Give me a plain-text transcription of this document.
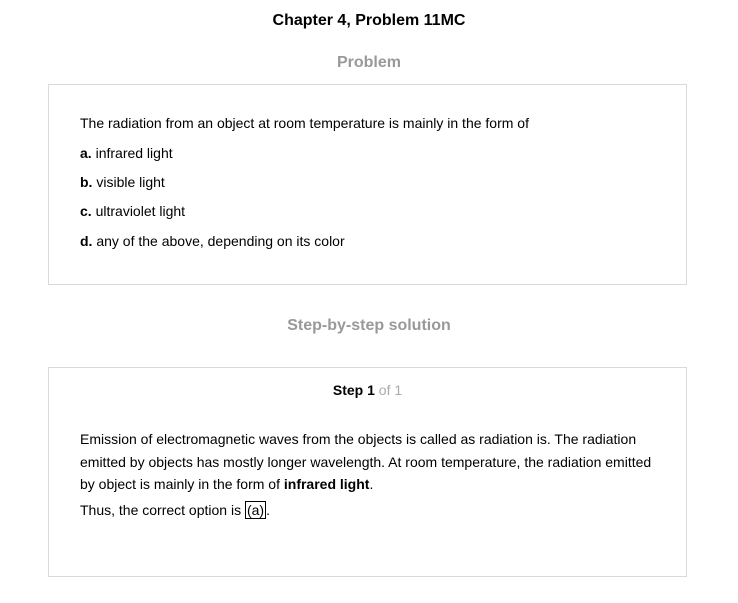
Chapter 4, Problem 11MC
Problem
The radiation from an object at room temperature is mainly in the form of
a. infrared light
b. visible light
c. ultraviolet light
d. any of the above, depending on its color
Step-by-step solution
Step 1 of 1
Emission of electromagnetic waves from the objects is called as radiation is. The radiation emitted by objects has mostly longer wavelength. At room temperature, the radiation emitted by object is mainly in the form of infrared light.
Thus, the correct option is (a) .
